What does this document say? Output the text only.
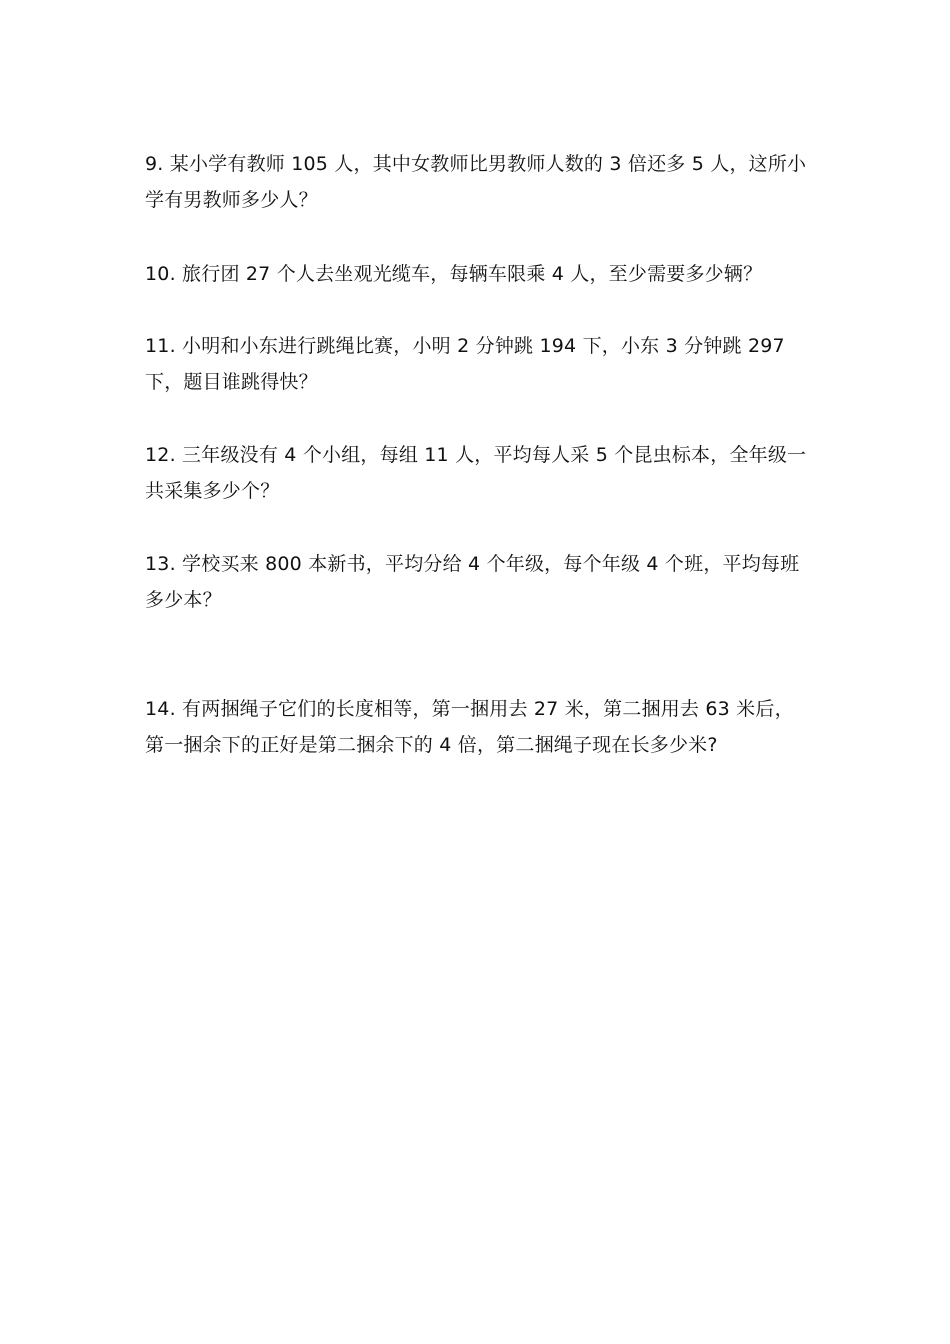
9. 某小学有教师 105 人，其中女教师比男教师人数的 3 倍还多 5 人，这所小学有男教师多少人？

10. 旅行团 27 个人去坐观光缆车，每辆车限乘 4 人，至少需要多少辆？

11. 小明和小东进行跳绳比赛，小明 2 分钟跳 194 下，小东 3 分钟跳 297 下，题目谁跳得快？

12. 三年级没有 4 个小组，每组 11 人，平均每人采 5 个昆虫标本，全年级一共采集多少个？

13. 学校买来 800 本新书，平均分给 4 个年级，每个年级 4 个班，平均每班多少本？

14. 有两捆绳子它们的长度相等，第一捆用去 27 米，第二捆用去 63 米后，第一捆余下的正好是第二捆余下的 4 倍，第二捆绳子现在长多少米?
